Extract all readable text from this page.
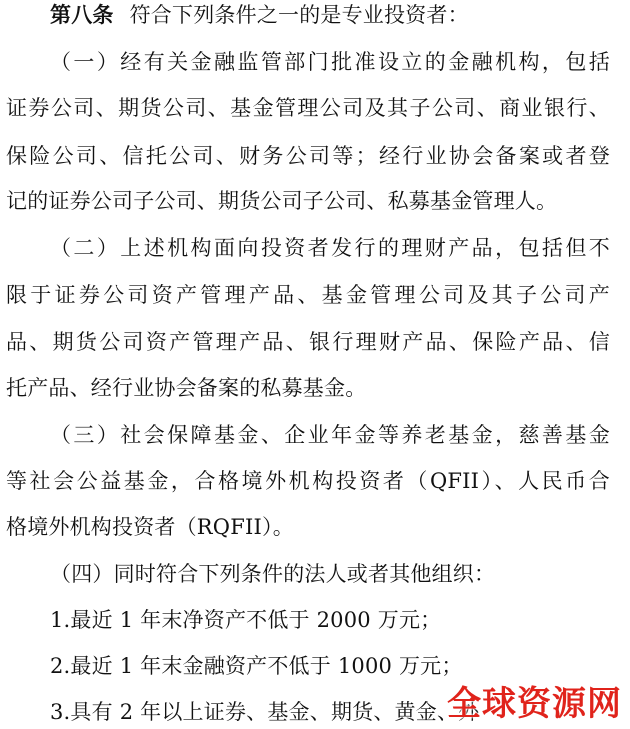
第八条 符合下列条件之一的是专业投资者：
（一）经有关金融监管部门批准设立的金融机构，包括
证券公司、期货公司、基金管理公司及其子公司、商业银行、
保险公司、信托公司、财务公司等；经行业协会备案或者登
记的证券公司子公司、期货公司子公司、私募基金管理人。
（二）上述机构面向投资者发行的理财产品，包括但不
限于证券公司资产管理产品、基金管理公司及其子公司产
品、期货公司资产管理产品、银行理财产品、保险产品、信
托产品、经行业协会备案的私募基金。
（三）社会保障基金、企业年金等养老基金，慈善基金
等社会公益基金，合格境外机构投资者（QFII）、人民币合
格境外机构投资者（RQFII）。
（四）同时符合下列条件的法人或者其他组织：
1.最近 1 年末净资产不低于 2000 万元；
2.最近 1 年末金融资产不低于 1000 万元；
3.具有 2 年以上证券、基金、期货、黄金、外
全球资源网
